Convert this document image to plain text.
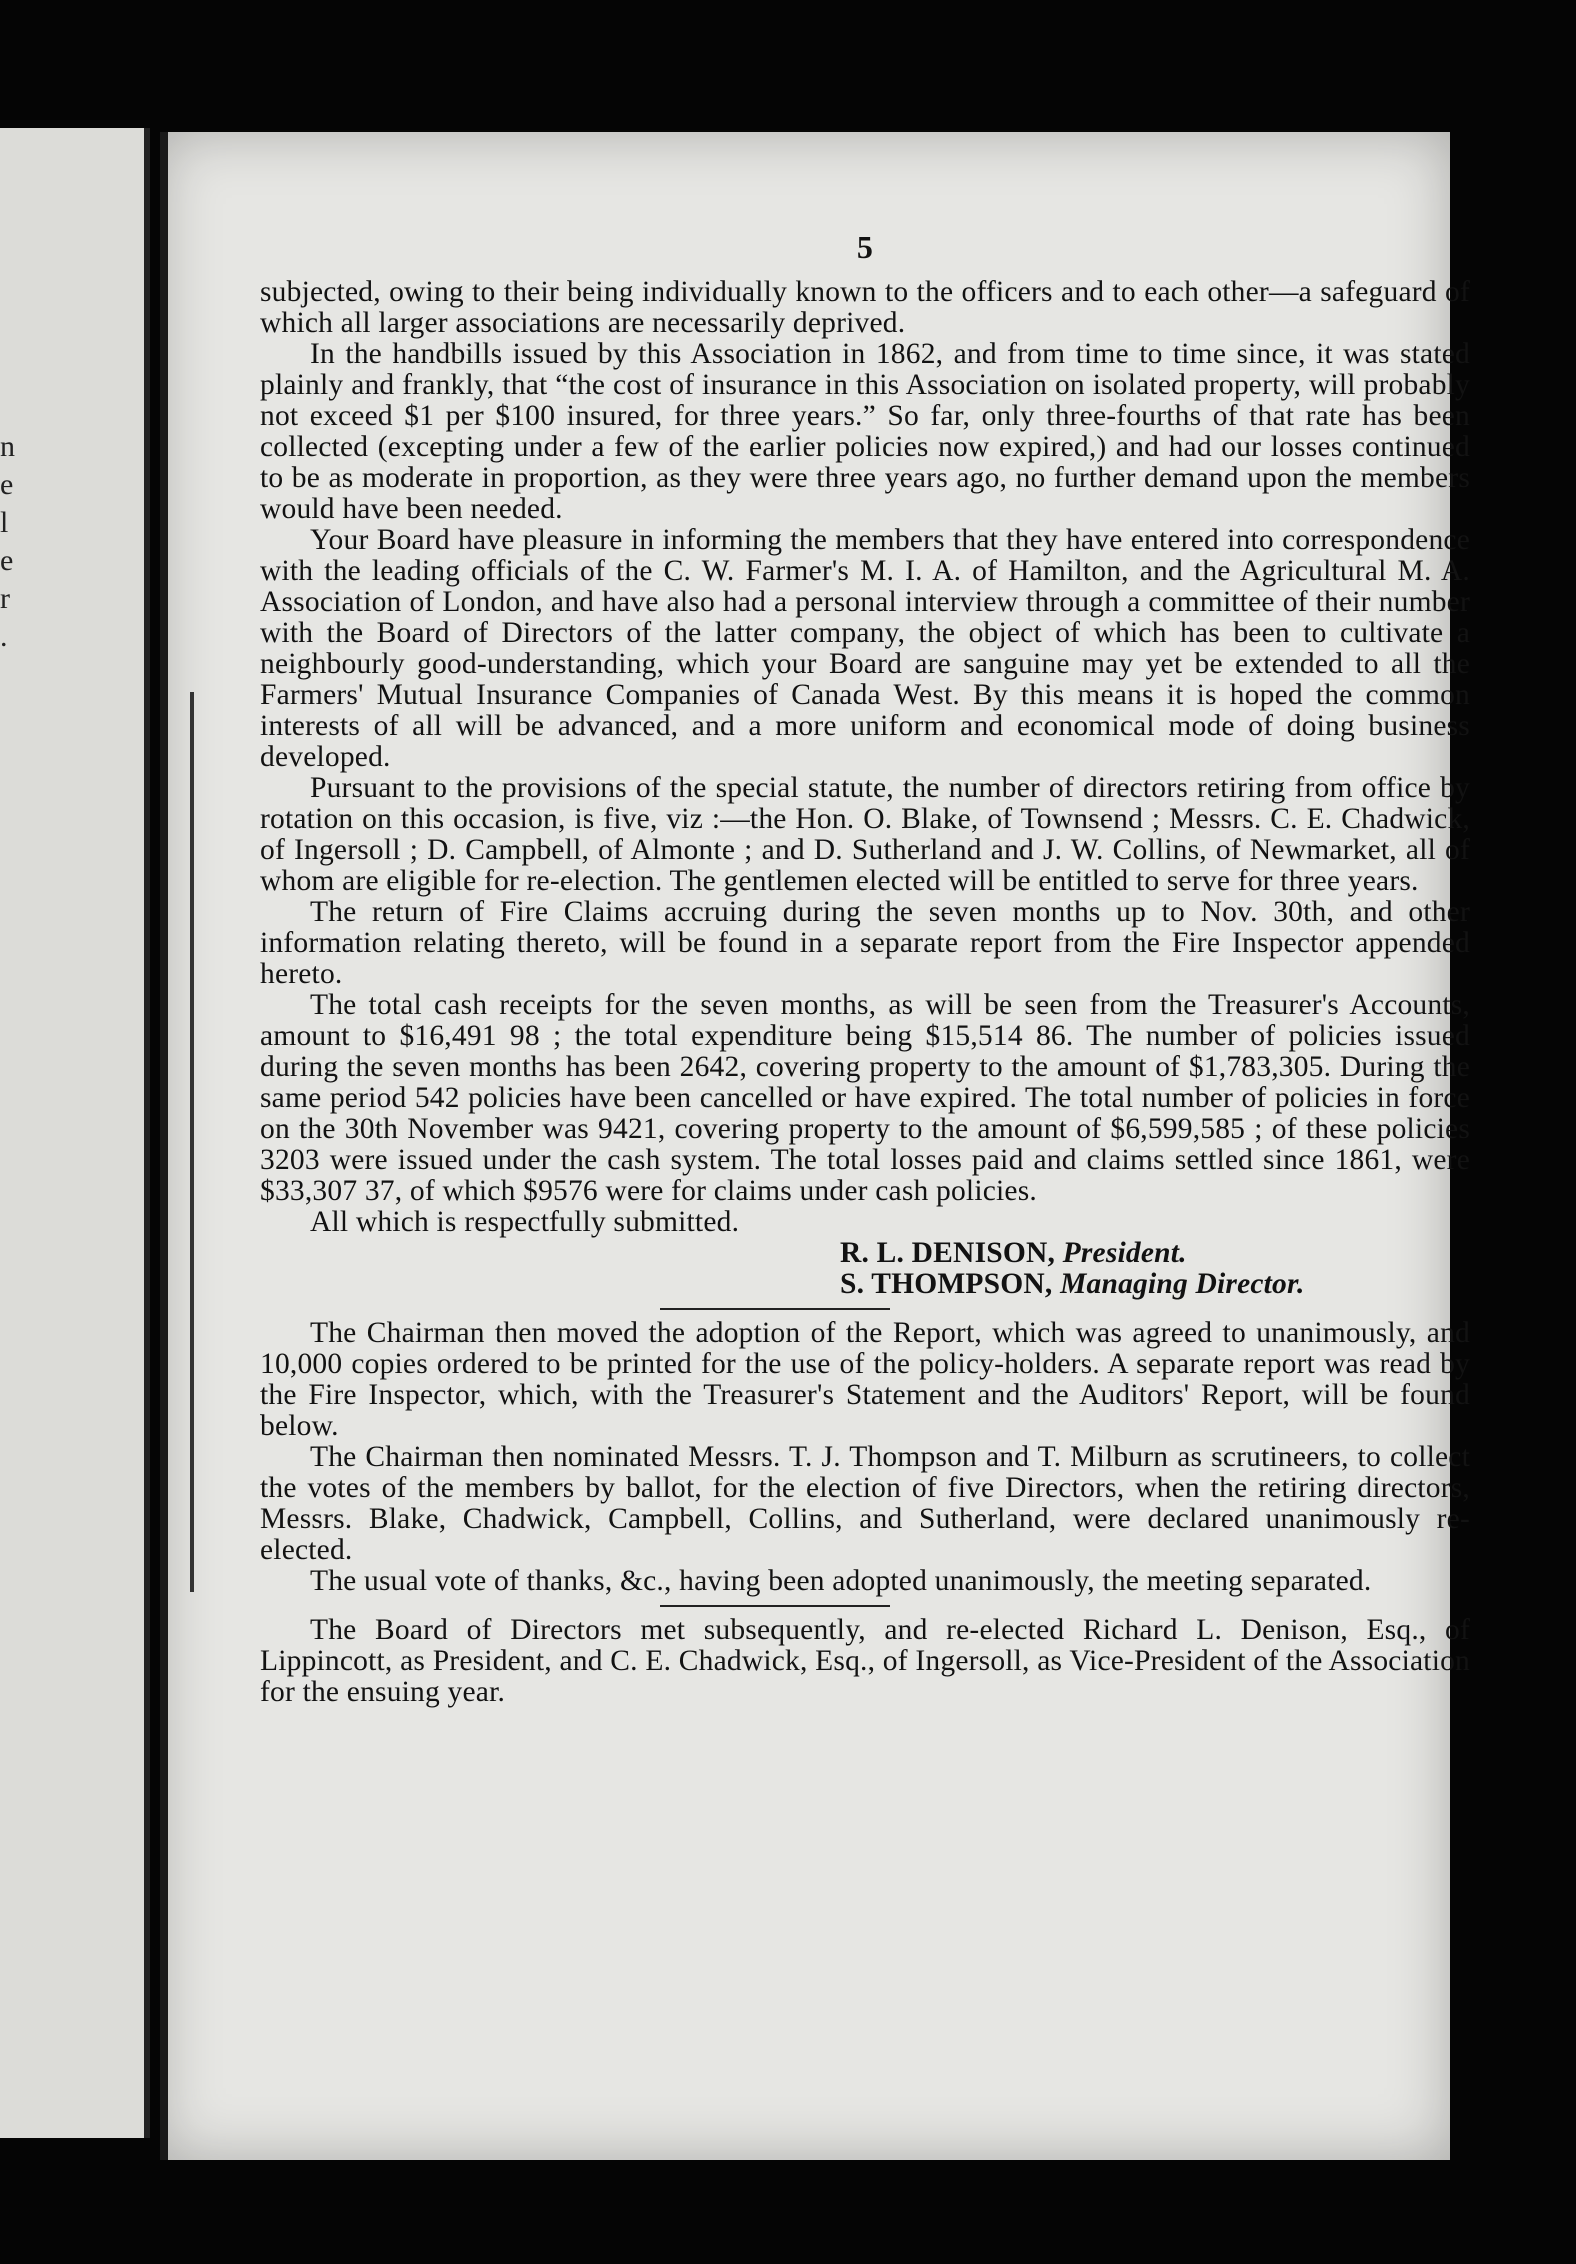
n
e
l
e
r
.
5

subjected, owing to their being individually known to the officers and to each other—a safeguard of which all larger associations are necessarily deprived.

In the handbills issued by this Association in 1862, and from time to time since, it was stated plainly and frankly, that “the cost of insurance in this Association on isolated property, will probably not exceed $1 per $100 insured, for three years.” So far, only three-fourths of that rate has been collected (excepting under a few of the earlier policies now expired,) and had our losses continued to be as moderate in proportion, as they were three years ago, no further demand upon the members would have been needed.

Your Board have pleasure in informing the members that they have entered into correspondence with the leading officials of the C. W. Farmer's M. I. A. of Hamilton, and the Agricultural M. A. Association of London, and have also had a personal interview through a committee of their number with the Board of Directors of the latter company, the object of which has been to cultivate a neighbourly good-understanding, which your Board are sanguine may yet be extended to all the Farmers' Mutual Insurance Companies of Canada West. By this means it is hoped the common interests of all will be advanced, and a more uniform and economical mode of doing business developed.

Pursuant to the provisions of the special statute, the number of directors retiring from office by rotation on this occasion, is five, viz :—the Hon. O. Blake, of Townsend ; Messrs. C. E. Chadwick, of Ingersoll ; D. Campbell, of Almonte ; and D. Sutherland and J. W. Collins, of Newmarket, all of whom are eligible for re-election. The gentlemen elected will be entitled to serve for three years.

The return of Fire Claims accruing during the seven months up to Nov. 30th, and other information relating thereto, will be found in a separate report from the Fire Inspector appended hereto.

The total cash receipts for the seven months, as will be seen from the Treasurer's Accounts, amount to $16,491 98 ; the total expenditure being $15,514 86. The number of policies issued during the seven months has been 2642, covering property to the amount of $1,783,305. During the same period 542 policies have been cancelled or have expired. The total number of policies in force on the 30th November was 9421, covering property to the amount of $6,599,585 ; of these policies 3203 were issued under the cash system. The total losses paid and claims settled since 1861, were $33,307 37, of which $9576 were for claims under cash policies.

All which is respectfully submitted.

R. L. DENISON, President.
S. THOMPSON, Managing Director.

The Chairman then moved the adoption of the Report, which was agreed to unanimously, and 10,000 copies ordered to be printed for the use of the policy-holders. A separate report was read by the Fire Inspector, which, with the Treasurer's Statement and the Auditors' Report, will be found below.

The Chairman then nominated Messrs. T. J. Thompson and T. Milburn as scrutineers, to collect the votes of the members by ballot, for the election of five Directors, when the retiring directors, Messrs. Blake, Chadwick, Campbell, Collins, and Sutherland, were declared unanimously re-elected.

The usual vote of thanks, &c., having been adopted unanimously, the meeting separated.

The Board of Directors met subsequently, and re-elected Richard L. Denison, Esq., of Lippincott, as President, and C. E. Chadwick, Esq., of Ingersoll, as Vice-President of the Association for the ensuing year.
